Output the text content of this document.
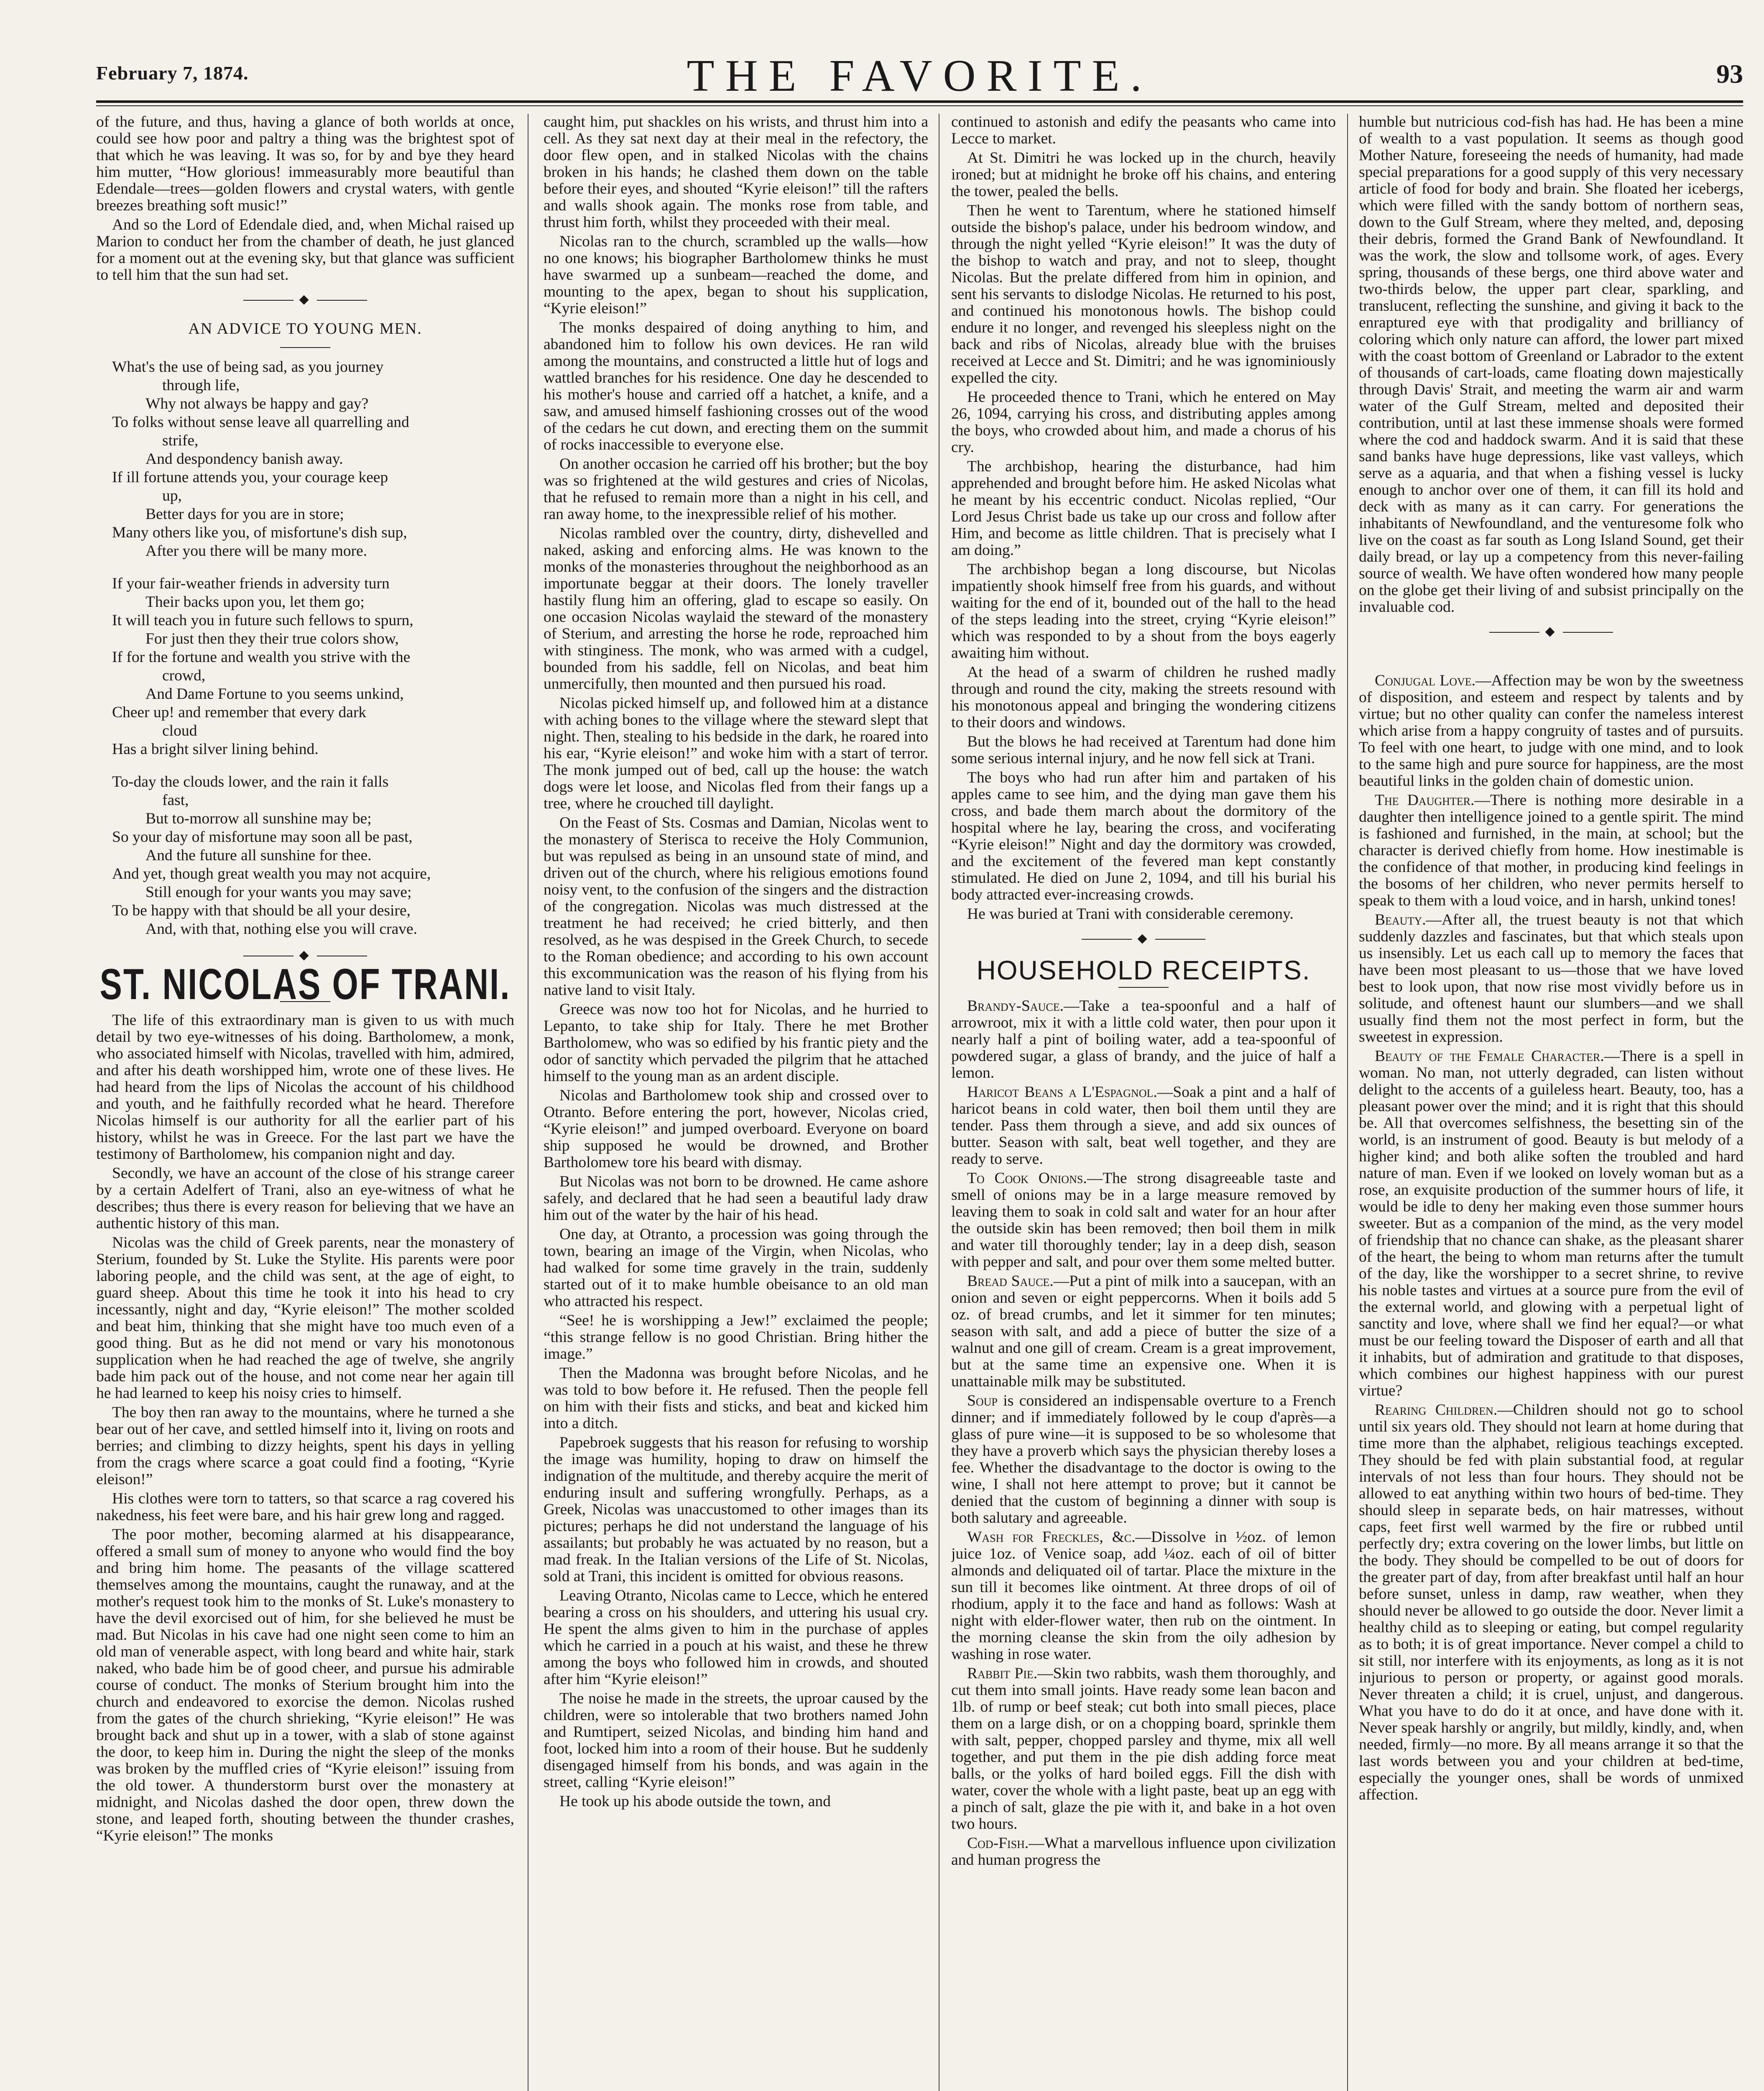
February 7, 1874.	THE FAVORITE.	93

of the future, and thus, having a glance of both worlds at once, could see how poor and paltry a thing was the brightest spot of that which he was leaving. It was so, for by and bye they heard him mutter, “How glorious! immeasurably more beautiful than Edendale—trees—golden flowers and crystal waters, with gentle breezes breathing soft music!”

And so the Lord of Edendale died, and, when Michal raised up Marion to conduct her from the chamber of death, he just glanced for a moment out at the evening sky, but that glance was sufficient to tell him that the sun had set.

◆
AN ADVICE TO YOUNG MEN.

What's the use of being sad, as you journey

through life,

Why not always be happy and gay?

To folks without sense leave all quarrelling and

strife,

And despondency banish away.

If ill fortune attends you, your courage keep

up,

Better days for you are in store;

Many others like you, of misfortune's dish sup,

After you there will be many more.

If your fair-weather friends in adversity turn

Their backs upon you, let them go;

It will teach you in future such fellows to spurn,

For just then they their true colors show,

If for the fortune and wealth you strive with the

crowd,

And Dame Fortune to you seems unkind,

Cheer up! and remember that every dark

cloud

Has a bright silver lining behind.

To-day the clouds lower, and the rain it falls

fast,

But to-morrow all sunshine may be;

So your day of misfortune may soon all be past,

And the future all sunshine for thee.

And yet, though great wealth you may not acquire,

Still enough for your wants you may save;

To be happy with that should be all your desire,

And, with that, nothing else you will crave.

◆
ST. NICOLAS OF TRANI.

The life of this extraordinary man is given to us with much detail by two eye-witnesses of his doing. Bartholomew, a monk, who associated himself with Nicolas, travelled with him, admired, and after his death worshipped him, wrote one of these lives. He had heard from the lips of Nicolas the account of his childhood and youth, and he faithfully recorded what he heard. Therefore Nicolas himself is our authority for all the earlier part of his history, whilst he was in Greece. For the last part we have the testimony of Bartholomew, his companion night and day.

Secondly, we have an account of the close of his strange career by a certain Adelfert of Trani, also an eye-witness of what he describes; thus there is every reason for believing that we have an authentic history of this man.

Nicolas was the child of Greek parents, near the monastery of Sterium, founded by St. Luke the Stylite. His parents were poor laboring people, and the child was sent, at the age of eight, to guard sheep. About this time he took it into his head to cry incessantly, night and day, “Kyrie eleison!” The mother scolded and beat him, thinking that she might have too much even of a good thing. But as he did not mend or vary his monotonous supplication when he had reached the age of twelve, she angrily bade him pack out of the house, and not come near her again till he had learned to keep his noisy cries to himself.

The boy then ran away to the mountains, where he turned a she bear out of her cave, and settled himself into it, living on roots and berries; and climbing to dizzy heights, spent his days in yelling from the crags where scarce a goat could find a footing, “Kyrie eleison!”

His clothes were torn to tatters, so that scarce a rag covered his nakedness, his feet were bare, and his hair grew long and ragged.

The poor mother, becoming alarmed at his disappearance, offered a small sum of money to anyone who would find the boy and bring him home. The peasants of the village scattered themselves among the mountains, caught the runaway, and at the mother's request took him to the monks of St. Luke's monastery to have the devil exorcised out of him, for she believed he must be mad. But Nicolas in his cave had one night seen come to him an old man of venerable aspect, with long beard and white hair, stark naked, who bade him be of good cheer, and pursue his admirable course of conduct. The monks of Sterium brought him into the church and endeavored to exorcise the demon. Nicolas rushed from the gates of the church shrieking, “Kyrie eleison!” He was brought back and shut up in a tower, with a slab of stone against the door, to keep him in. During the night the sleep of the monks was broken by the muffled cries of “Kyrie eleison!” issuing from the old tower. A thunderstorm burst over the monastery at midnight, and Nicolas dashed the door open, threw down the stone, and leaped forth, shouting between the thunder crashes, “Kyrie eleison!” The monks

caught him, put shackles on his wrists, and thrust him into a cell. As they sat next day at their meal in the refectory, the door flew open, and in stalked Nicolas with the chains broken in his hands; he clashed them down on the table before their eyes, and shouted “Kyrie eleison!” till the rafters and walls shook again. The monks rose from table, and thrust him forth, whilst they proceeded with their meal.

Nicolas ran to the church, scrambled up the walls—how no one knows; his biographer Bartholomew thinks he must have swarmed up a sunbeam—reached the dome, and mounting to the apex, began to shout his supplication, “Kyrie eleison!”

The monks despaired of doing anything to him, and abandoned him to follow his own devices. He ran wild among the mountains, and constructed a little hut of logs and wattled branches for his residence. One day he descended to his mother's house and carried off a hatchet, a knife, and a saw, and amused himself fashioning crosses out of the wood of the cedars he cut down, and erecting them on the summit of rocks inaccessible to everyone else.

On another occasion he carried off his brother; but the boy was so frightened at the wild gestures and cries of Nicolas, that he refused to remain more than a night in his cell, and ran away home, to the inexpressible relief of his mother.

Nicolas rambled over the country, dirty, dishevelled and naked, asking and enforcing alms. He was known to the monks of the monasteries throughout the neighborhood as an importunate beggar at their doors. The lonely traveller hastily flung him an offering, glad to escape so easily. On one occasion Nicolas waylaid the steward of the monastery of Sterium, and arresting the horse he rode, reproached him with stinginess. The monk, who was armed with a cudgel, bounded from his saddle, fell on Nicolas, and beat him unmercifully, then mounted and then pursued his road.

Nicolas picked himself up, and followed him at a distance with aching bones to the village where the steward slept that night. Then, stealing to his bedside in the dark, he roared into his ear, “Kyrie eleison!” and woke him with a start of terror. The monk jumped out of bed, call up the house: the watch dogs were let loose, and Nicolas fled from their fangs up a tree, where he crouched till daylight.

On the Feast of Sts. Cosmas and Damian, Nicolas went to the monastery of Sterisca to receive the Holy Communion, but was repulsed as being in an unsound state of mind, and driven out of the church, where his religious emotions found noisy vent, to the confusion of the singers and the distraction of the congregation. Nicolas was much distressed at the treatment he had received; he cried bitterly, and then resolved, as he was despised in the Greek Church, to secede to the Roman obedience; and according to his own account this excommunication was the reason of his flying from his native land to visit Italy.

Greece was now too hot for Nicolas, and he hurried to Lepanto, to take ship for Italy. There he met Brother Bartholomew, who was so edified by his frantic piety and the odor of sanctity which pervaded the pilgrim that he attached himself to the young man as an ardent disciple.

Nicolas and Bartholomew took ship and crossed over to Otranto. Before entering the port, however, Nicolas cried, “Kyrie eleison!” and jumped overboard. Everyone on board ship supposed he would be drowned, and Brother Bartholomew tore his beard with dismay.

But Nicolas was not born to be drowned. He came ashore safely, and declared that he had seen a beautiful lady draw him out of the water by the hair of his head.

One day, at Otranto, a procession was going through the town, bearing an image of the Virgin, when Nicolas, who had walked for some time gravely in the train, suddenly started out of it to make humble obeisance to an old man who attracted his respect.

“See! he is worshipping a Jew!” exclaimed the people; “this strange fellow is no good Christian. Bring hither the image.”

Then the Madonna was brought before Nicolas, and he was told to bow before it. He refused. Then the people fell on him with their fists and sticks, and beat and kicked him into a ditch.

Papebroek suggests that his reason for refusing to worship the image was humility, hoping to draw on himself the indignation of the multitude, and thereby acquire the merit of enduring insult and suffering wrongfully. Perhaps, as a Greek, Nicolas was unaccustomed to other images than its pictures; perhaps he did not understand the language of his assailants; but probably he was actuated by no reason, but a mad freak. In the Italian versions of the Life of St. Nicolas, sold at Trani, this incident is omitted for obvious reasons.

Leaving Otranto, Nicolas came to Lecce, which he entered bearing a cross on his shoulders, and uttering his usual cry. He spent the alms given to him in the purchase of apples which he carried in a pouch at his waist, and these he threw among the boys who followed him in crowds, and shouted after him “Kyrie eleison!”

The noise he made in the streets, the uproar caused by the children, were so intolerable that two brothers named John and Rumtipert, seized Nicolas, and binding him hand and foot, locked him into a room of their house. But he suddenly disengaged himself from his bonds, and was again in the street, calling “Kyrie eleison!”

He took up his abode outside the town, and

continued to astonish and edify the peasants who came into Lecce to market.

At St. Dimitri he was locked up in the church, heavily ironed; but at midnight he broke off his chains, and entering the tower, pealed the bells.

Then he went to Tarentum, where he stationed himself outside the bishop's palace, under his bedroom window, and through the night yelled “Kyrie eleison!” It was the duty of the bishop to watch and pray, and not to sleep, thought Nicolas. But the prelate differed from him in opinion, and sent his servants to dislodge Nicolas. He returned to his post, and continued his monotonous howls. The bishop could endure it no longer, and revenged his sleepless night on the back and ribs of Nicolas, already blue with the bruises received at Lecce and St. Dimitri; and he was ignominiously expelled the city.

He proceeded thence to Trani, which he entered on May 26, 1094, carrying his cross, and distributing apples among the boys, who crowded about him, and made a chorus of his cry.

The archbishop, hearing the disturbance, had him apprehended and brought before him. He asked Nicolas what he meant by his eccentric conduct. Nicolas replied, “Our Lord Jesus Christ bade us take up our cross and follow after Him, and become as little children. That is precisely what I am doing.”

The archbishop began a long discourse, but Nicolas impatiently shook himself free from his guards, and without waiting for the end of it, bounded out of the hall to the head of the steps leading into the street, crying “Kyrie eleison!” which was responded to by a shout from the boys eagerly awaiting him without.

At the head of a swarm of children he rushed madly through and round the city, making the streets resound with his monotonous appeal and bringing the wondering citizens to their doors and windows.

But the blows he had received at Tarentum had done him some serious internal injury, and he now fell sick at Trani.

The boys who had run after him and partaken of his apples came to see him, and the dying man gave them his cross, and bade them march about the dormitory of the hospital where he lay, bearing the cross, and vociferating “Kyrie eleison!” Night and day the dormitory was crowded, and the excitement of the fevered man kept constantly stimulated. He died on June 2, 1094, and till his burial his body attracted ever-increasing crowds.

He was buried at Trani with considerable ceremony.

◆
HOUSEHOLD RECEIPTS.

Brandy-Sauce.—Take a tea-spoonful and a half of arrowroot, mix it with a little cold water, then pour upon it nearly half a pint of boiling water, add a tea-spoonful of powdered sugar, a glass of brandy, and the juice of half a lemon.

Haricot Beans a L'Espagnol.—Soak a pint and a half of haricot beans in cold water, then boil them until they are tender. Pass them through a sieve, and add six ounces of butter. Season with salt, beat well together, and they are ready to serve.

To Cook Onions.—The strong disagreeable taste and smell of onions may be in a large measure removed by leaving them to soak in cold salt and water for an hour after the outside skin has been removed; then boil them in milk and water till thoroughly tender; lay in a deep dish, season with pepper and salt, and pour over them some melted butter.

Bread Sauce.—Put a pint of milk into a saucepan, with an onion and seven or eight peppercorns. When it boils add 5 oz. of bread crumbs, and let it simmer for ten minutes; season with salt, and add a piece of butter the size of a walnut and one gill of cream. Cream is a great improvement, but at the same time an expensive one. When it is unattainable milk may be substituted.

Soup is considered an indispensable overture to a French dinner; and if immediately followed by le coup d'après—a glass of pure wine—it is supposed to be so wholesome that they have a proverb which says the physician thereby loses a fee. Whether the disadvantage to the doctor is owing to the wine, I shall not here attempt to prove; but it cannot be denied that the custom of beginning a dinner with soup is both salutary and agreeable.

Wash for Freckles, &c.—Dissolve in ½oz. of lemon juice 1oz. of Venice soap, add ¼oz. each of oil of bitter almonds and deliquated oil of tartar. Place the mixture in the sun till it becomes like ointment. At three drops of oil of rhodium, apply it to the face and hand as follows: Wash at night with elder-flower water, then rub on the ointment. In the morning cleanse the skin from the oily adhesion by washing in rose water.

Rabbit Pie.—Skin two rabbits, wash them thoroughly, and cut them into small joints. Have ready some lean bacon and 1lb. of rump or beef steak; cut both into small pieces, place them on a large dish, or on a chopping board, sprinkle them with salt, pepper, chopped parsley and thyme, mix all well together, and put them in the pie dish adding force meat balls, or the yolks of hard boiled eggs. Fill the dish with water, cover the whole with a light paste, beat up an egg with a pinch of salt, glaze the pie with it, and bake in a hot oven two hours.

Cod-Fish.—What a marvellous influence upon civilization and human progress the

humble but nutricious cod-fish has had. He has been a mine of wealth to a vast population. It seems as though good Mother Nature, foreseeing the needs of humanity, had made special preparations for a good supply of this very necessary article of food for body and brain. She floated her icebergs, which were filled with the sandy bottom of northern seas, down to the Gulf Stream, where they melted, and, deposing their debris, formed the Grand Bank of Newfoundland. It was the work, the slow and tollsome work, of ages. Every spring, thousands of these bergs, one third above water and two-thirds below, the upper part clear, sparkling, and translucent, reflecting the sunshine, and giving it back to the enraptured eye with that prodigality and brilliancy of coloring which only nature can afford, the lower part mixed with the coast bottom of Greenland or Labrador to the extent of thousands of cart-loads, came floating down majestically through Davis' Strait, and meeting the warm air and warm water of the Gulf Stream, melted and deposited their contribution, until at last these immense shoals were formed where the cod and haddock swarm. And it is said that these sand banks have huge depressions, like vast valleys, which serve as a aquaria, and that when a fishing vessel is lucky enough to anchor over one of them, it can fill its hold and deck with as many as it can carry. For generations the inhabitants of Newfoundland, and the venturesome folk who live on the coast as far south as Long Island Sound, get their daily bread, or lay up a competency from this never-failing source of wealth. We have often wondered how many people on the globe get their living of and subsist principally on the invaluable cod.

◆

Conjugal Love.—Affection may be won by the sweetness of disposition, and esteem and respect by talents and by virtue; but no other quality can confer the nameless interest which arise from a happy congruity of tastes and of pursuits. To feel with one heart, to judge with one mind, and to look to the same high and pure source for happiness, are the most beautiful links in the golden chain of domestic union.

The Daughter.—There is nothing more desirable in a daughter then intelligence joined to a gentle spirit. The mind is fashioned and furnished, in the main, at school; but the character is derived chiefly from home. How inestimable is the confidence of that mother, in producing kind feelings in the bosoms of her children, who never permits herself to speak to them with a loud voice, and in harsh, unkind tones!

Beauty.—After all, the truest beauty is not that which suddenly dazzles and fascinates, but that which steals upon us insensibly. Let us each call up to memory the faces that have been most pleasant to us—those that we have loved best to look upon, that now rise most vividly before us in solitude, and oftenest haunt our slumbers—and we shall usually find them not the most perfect in form, but the sweetest in expression.

Beauty of the Female Character.—There is a spell in woman. No man, not utterly degraded, can listen without delight to the accents of a guileless heart. Beauty, too, has a pleasant power over the mind; and it is right that this should be. All that overcomes selfishness, the besetting sin of the world, is an instrument of good. Beauty is but melody of a higher kind; and both alike soften the troubled and hard nature of man. Even if we looked on lovely woman but as a rose, an exquisite production of the summer hours of life, it would be idle to deny her making even those summer hours sweeter. But as a companion of the mind, as the very model of friendship that no chance can shake, as the pleasant sharer of the heart, the being to whom man returns after the tumult of the day, like the worshipper to a secret shrine, to revive his noble tastes and virtues at a source pure from the evil of the external world, and glowing with a perpetual light of sanctity and love, where shall we find her equal?—or what must be our feeling toward the Disposer of earth and all that it inhabits, but of admiration and gratitude to that disposes, which combines our highest happiness with our purest virtue?

Rearing Children.—Children should not go to school until six years old. They should not learn at home during that time more than the alphabet, religious teachings excepted. They should be fed with plain substantial food, at regular intervals of not less than four hours. They should not be allowed to eat anything within two hours of bed-time. They should sleep in separate beds, on hair matresses, without caps, feet first well warmed by the fire or rubbed until perfectly dry; extra covering on the lower limbs, but little on the body. They should be compelled to be out of doors for the greater part of day, from after breakfast until half an hour before sunset, unless in damp, raw weather, when they should never be allowed to go outside the door. Never limit a healthy child as to sleeping or eating, but compel regularity as to both; it is of great importance. Never compel a child to sit still, nor interfere with its enjoyments, as long as it is not injurious to person or property, or against good morals. Never threaten a child; it is cruel, unjust, and dangerous. What you have to do do it at once, and have done with it. Never speak harshly or angrily, but mildly, kindly, and, when needed, firmly—no more. By all means arrange it so that the last words between you and your children at bed-time, especially the younger ones, shall be words of unmixed affection.
